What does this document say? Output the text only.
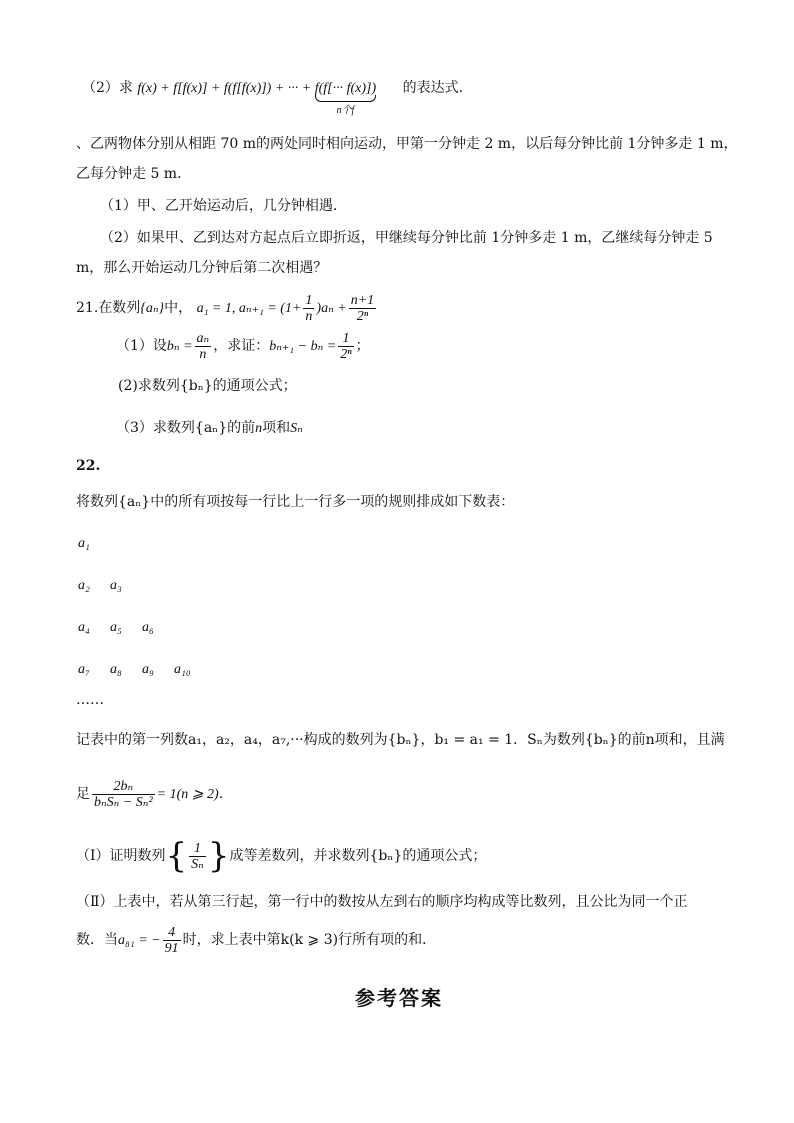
（2）求 f(x) + f[f(x)] + f(f[f(x)]) + ··· + f(f[··· f(x)])
n个f
的表达式.
、乙两物体分别从相距 70 m的两处同时相向运动，甲第一分钟走 2 m，以后每分钟比前 1分钟多走 1 m，
乙每分钟走 5 m．
（1）甲、乙开始运动后，几分钟相遇．
（2）如果甲、乙到达对方起点后立即折返，甲继续每分钟比前 1分钟多走 1 m，乙继续每分钟走 5
m，那么开始运动几分钟后第二次相遇？
21.在数列{aₙ}中， a₁ = 1, $a_{n+1} = (1+ \frac{1}{n} )a_n + \frac{n+1}{\text{2ⁿ}}$
（1）设$b_n = \frac{\text{aₙ}}{n}$ ，求证：$b_{n+1} - b_n = \frac{1}{\text{2ⁿ}}$ ；
(2)求数列{bₙ}的通项公式；
（3）求数列{aₙ}的前n项和Sₙ
22.
将数列{aₙ}中的所有项按每一行比上一行多一项的规则排成如下数表：
a₁
a₂ a₃
a₄ a₅ a₆
a₇ a₈ a₉ a₁₀
……
记表中的第一列数a₁，a₂，a₄，a₇,···构成的数列为{bₙ}，b₁ = a₁ = 1．Sₙ为数列{bₙ}的前n项和，且满
足 $\frac{\text{2bₙ}}{\text{bₙSₙ − Sₙ²}} = 1(n$ ⩾ 2)．
（Ⅰ）证明数列{ $\frac{1}{\text{Sₙ}}$ }成等差数列，并求数列{bₙ}的通项公式；
（Ⅱ）上表中，若从第三行起，第一行中的数按从左到右的顺序均构成等比数列，且公比为同一个正
数．当a₈₁ = − $\frac{4}{91}$ 时，求上表中第k(k ⩾ 3)行所有项的和．
参考答案
